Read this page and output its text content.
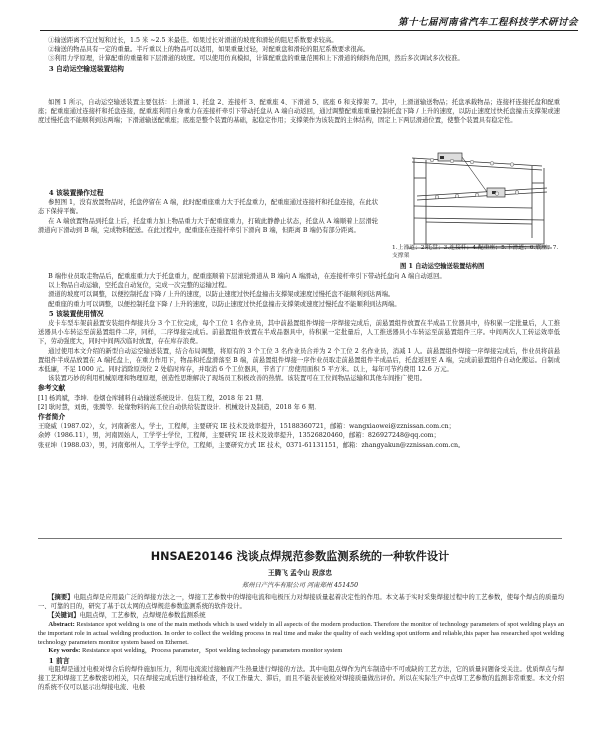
第十七届河南省汽车工程科技学术研讨会

①输送距离不宜过短和过长，1.5 米 ~2.5 米最佳。如果过长对滑道的坡度和滑轮的阻尼系数要求较高。

②输送的物品具有一定的重量。半斤重以上的物品可以适用，如果重量过轻，对配重盘和滑轮的阻尼系数要求很高。

③利用力学原理，计算配重的重量和下层滑道的坡度。可以使用仿真模拟，计算配重盘的重量范围和上下滑道的倾斜角范围，然后多次调试多次校准。

3 自动运空输送装置结构

如图 1 所示，自动运空输送装置主要包括：上滑道 1、托盘 2、连接杆 3、配重座 4、下滑道 5、底座 6 和支撑架 7。其中，上滑道输送物品；托盘承载物品；连接杆连接托盘和配重座；配重座通过连接杆和托盘连接，配重座利用自身重力在连接杆牵引下带动托盘从 A 端自动返回，通过调整配重座重量控制托盘下降 / 上升的速度，以防止速度过快托盘撞击支撑架或速度过慢托盘不能顺利到达两端；下滑道输送配重座；底座是整个装置的基础，起稳定作用；支撑架作为该装置的主体结构，固定上下两层滑道位置，使整个装置具有稳定性。

4 该装置操作过程

参照图 1，没有放置物品时，托盘停留在 A 端，此时配重座重力大于托盘重力，配重座通过连接杆和托盘连接，在此状态下保持平衡。

在 A 端放置物品到托盘上后，托盘重力加上物品重力大于配重座重力，打破此静静止状态，托盘从 A 端顺着上层滑轮滑道向下滑动到 B 端，完成物料配送。在此过程中，配重座在连接杆牵引下滑向 B 端，但距离 B 端仍有部分距离。

1.上滑道；2.托盘；3.连接杆；4.配重座；5.下滑道；6.底座；7.支撑架
图 1 自动运空输送装置结构图

B 端作业员取走物品后，配重座重力大于托盘重力，配重座顺着下层滚轮滑道从 B 端向 A 端滑动，在连接杆牵引下带动托盘向 A 端自动返回。

以上物品自动运输，空托盘自动复位，完成一次完整的运输过程。

滑道的坡度可以调整，以便控制托盘下降 / 上升的速度，以防止速度过快托盘撞击支撑架或速度过慢托盘不能顺利到达两端。

配重座的重力可以调整，以便控制托盘下降 / 上升的速度，以防止速度过快托盘撞击支撑架或速度过慢托盘不能顺利到达两端。

5 该装置使用情况

皮卡车型车架前悬置安装组件焊接共分 3 个工位完成，每个工位 1 名作业员，其中前悬置组件焊接一序焊接完成后，前悬置组件放置在半成品工位器具中，待积累一定批量后，人工推送器具小车转运至前悬置组件二序，同样，二序焊接完成后。前悬置组件放置在半成品器具中，待积累一定批量后，人工推送器具小车转运至前悬置组件三序。中间两次人工转运效率低下，劳动强度大，同时中间两次临时放置，存在库存浪费。

通过使用本文介绍的新型自动运空输送装置，结合布局调整，将原有的 3 个工位 3 名作业员合并为 2 个工位 2 名作业员，消减 1 人。前悬置组件焊接一序焊接完成后，作业员将前悬置组件半成品放置在 A 端托盘上，在重力作用下，物品和托盘滑落至 B 端，前悬置组件焊接一序作业员取走前悬置组件半成品后，托盘返回至 A 端，完成前悬置组件自动化搬运。自制成本低廉，不足 1000 元。同时消除原岗位 2 处临时库存，并取消 6 个工位器具，节省了厂房使用面积 5 平方米。以上，每年可节约费用 12.6 万元。

该装置巧妙的利用机械原理和物理原理，创造性思维解决了现场员工积极改善的热情。该装置可在工位间物品运输和其他车间推广使用。

参考文献

[1] 杨鸿斌，李坤．卷烟仓库辅料自动输送系统设计．包装工程，2018 年 21 期．

[2] 耿时慧，刘勇，张腾等．轮缘物料的高工位自动供给装置设计．机械设计及制造，2018 年 6 期．

作者简介

王晓威（1987.02），女，河南新密人，学士，工程师，主要研究 IE 技术及效率提升，15188360721，邮箱：wangxiaowei@zznissan.com.cn；

余婷（1986.11），男，河南固始人，工学学士学位，工程师，主要研究 IE 技术及效率提升，13526820460，邮箱：826927248@qq.com；

张亚坤（1988.03），男，河南郑州人，工学学士学位，工程师，主要研究方式 IE 技术，0371-61131151，邮箱：zhangyakun@zznissan.com.cn。

HNSAE20146 浅谈点焊规范参数监测系统的一种软件设计
王腾飞 孟令山 段彦忠
郑州日产汽车有限公司 河南郑州 451450

【摘要】电阻点焊是应用最广泛的焊接方法之一，焊接工艺参数中的焊接电流和电极压力对焊接质量起着决定性的作用。本文基于实时采集焊接过程中的工艺参数，使每个焊点的质量均一、可靠的目的，研究了基于以太网的点焊规范参数监测系统的软件设计。

【关键词】电阻点焊，工艺参数，点焊规范参数监测系统

Abstract: Resistance spot welding is one of the main methods which is used widely in all aspects of the modern production. Therefore the monitor of technology parameters of spot welding plays an the important role in actual welding production. In order to collect the welding process in real time and make the quality of each welding spot uniform and reliable,this paper has researched spot welding technology parameters monitor system based on Ethernet.

Key words: Resistance spot welding，Process parameter，Spot welding technology parameters monitor system

1 前言

电阻焊是通过电极对焊合后的焊件施加压力，利用电流流过接触面产生热量进行焊接的方法。其中电阻点焊作为汽车制造中不可或缺的工艺方法，它的质量问题备受关注。优质焊点与焊接工艺和焊接工艺参数密切相关，只在焊接完成后进行抽样检查，不仅工作量大、滞后，而且不能表征被检对焊接质量做出评价。所以在实际生产中点焊工艺参数的监测非常重要。本文介绍的系统不仅可以显示出焊接电流、电极
